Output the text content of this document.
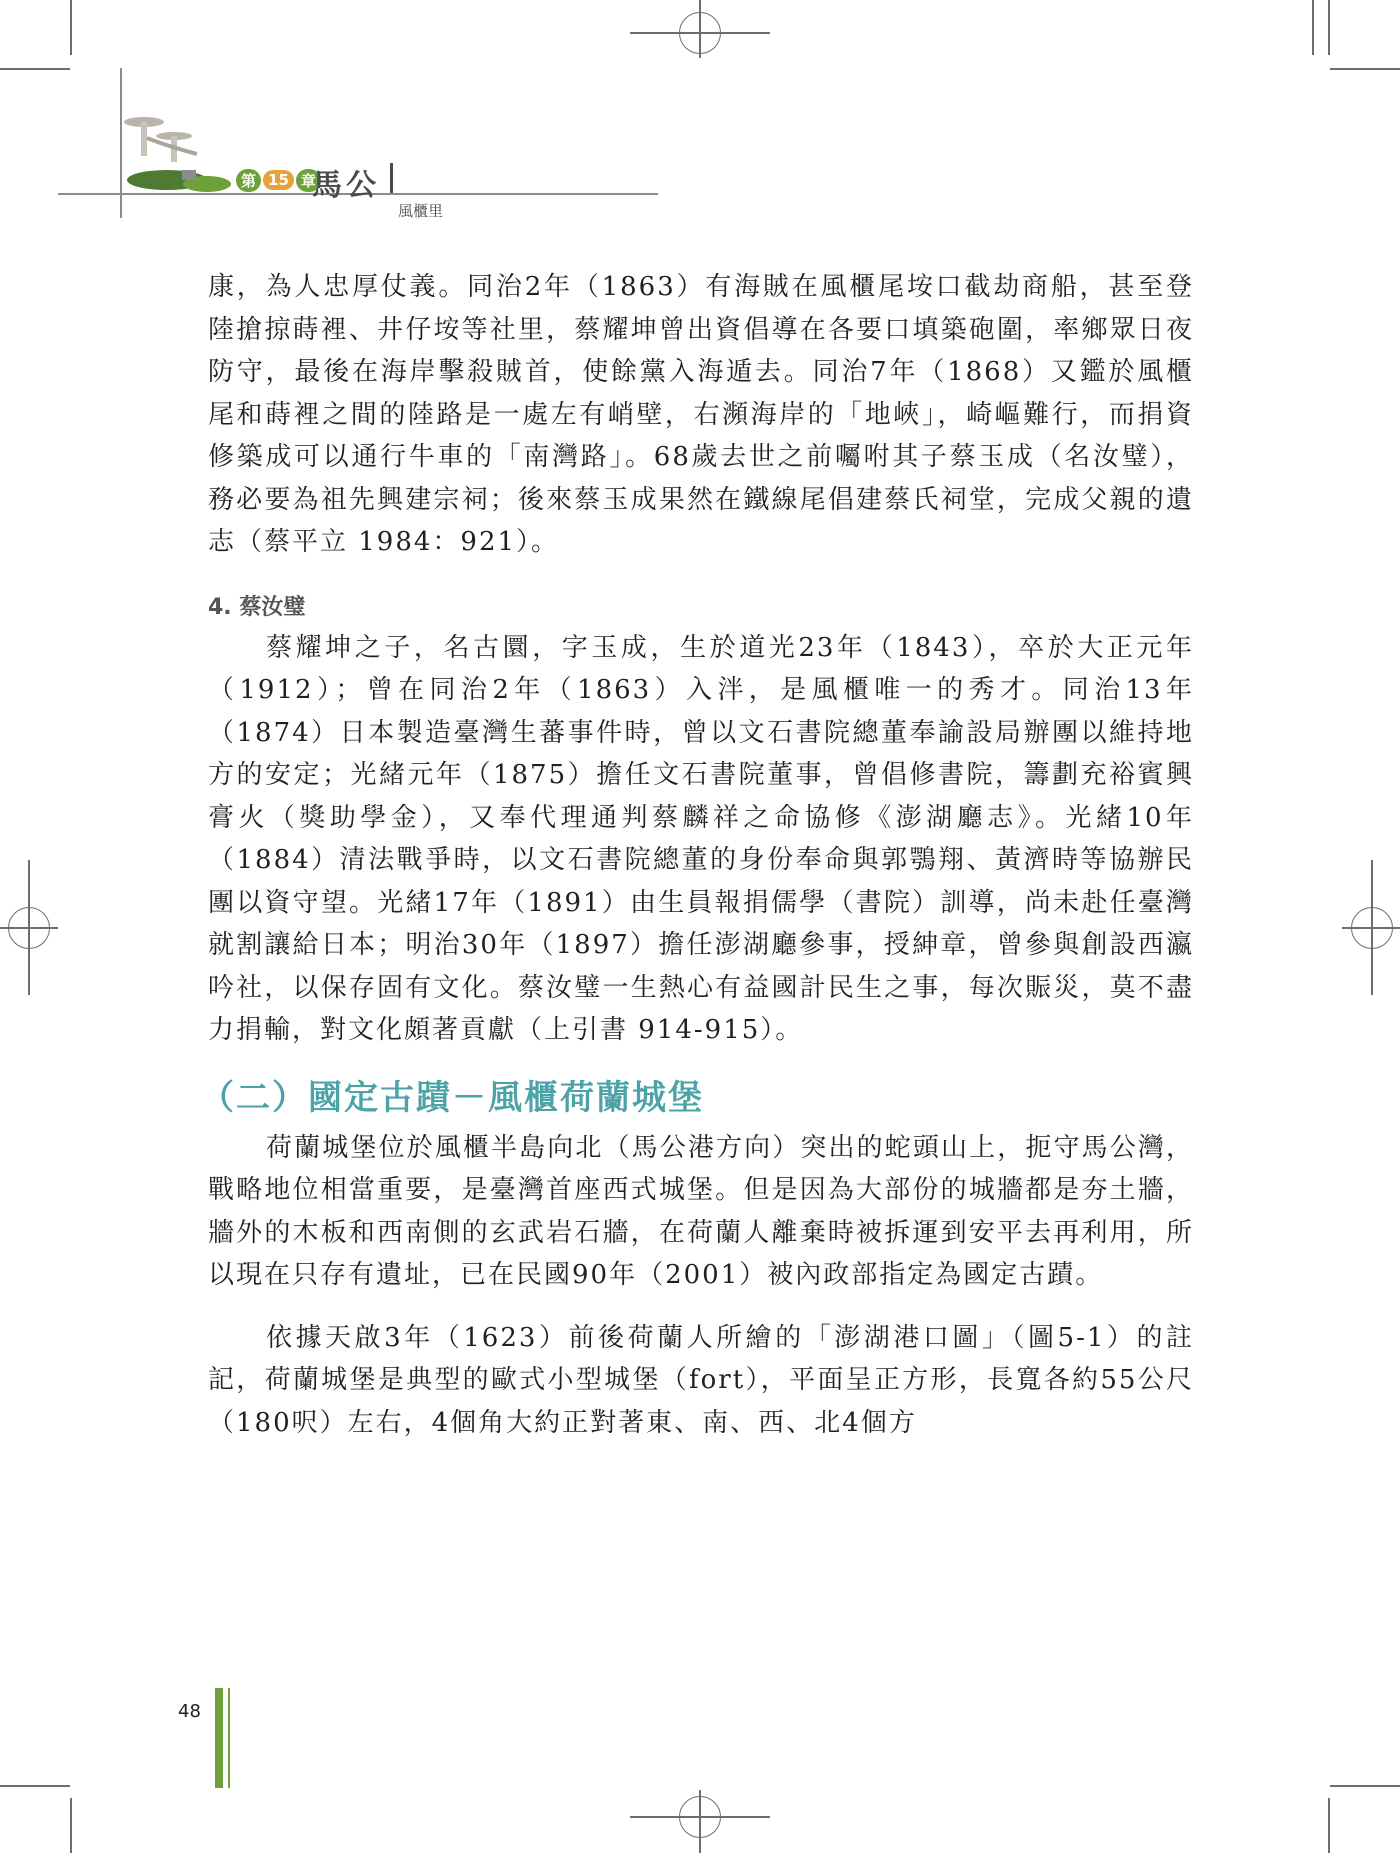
第 15 章
馬公
風櫃里

康，為人忠厚仗義。同治2年（1863）有海賊在風櫃尾垵口截劫商船，甚至登陸搶掠蒔裡、井仔垵等社里，蔡耀坤曾出資倡導在各要口填築砲圍，率鄉眾日夜防守，最後在海岸擊殺賊首，使餘黨入海遁去。同治7年（1868）又鑑於風櫃尾和蒔裡之間的陸路是一處左有峭壁，右瀕海岸的「地峽」，崎嶇難行，而捐資修築成可以通行牛車的「南灣路」。68歲去世之前囑咐其子蔡玉成（名汝璧），務必要為祖先興建宗祠；後來蔡玉成果然在鐵線尾倡建蔡氏祠堂，完成父親的遺志（蔡平立 1984：921）。

4. 蔡汝璧

蔡耀坤之子，名古圜，字玉成，生於道光23年（1843），卒於大正元年（1912）；曾在同治2年（1863）入泮，是風櫃唯一的秀才。同治13年（1874）日本製造臺灣生蕃事件時，曾以文石書院總董奉諭設局辦團以維持地方的安定；光緒元年（1875）擔任文石書院董事，曾倡修書院，籌劃充裕賓興膏火（獎助學金），又奉代理通判蔡麟祥之命協修《澎湖廳志》。光緒10年（1884）清法戰爭時，以文石書院總董的身份奉命與郭鶚翔、黃濟時等協辦民團以資守望。光緒17年（1891）由生員報捐儒學（書院）訓導，尚未赴任臺灣就割讓給日本；明治30年（1897）擔任澎湖廳參事，授紳章，曾參與創設西瀛吟社，以保存固有文化。蔡汝璧一生熱心有益國計民生之事，每次賑災，莫不盡力捐輸，對文化頗著貢獻（上引書 914-915）。

（二）國定古蹟－風櫃荷蘭城堡

荷蘭城堡位於風櫃半島向北（馬公港方向）突出的蛇頭山上，扼守馬公灣，戰略地位相當重要，是臺灣首座西式城堡。但是因為大部份的城牆都是夯土牆，牆外的木板和西南側的玄武岩石牆，在荷蘭人離棄時被拆運到安平去再利用，所以現在只存有遺址，已在民國90年（2001）被內政部指定為國定古蹟。

依據天啟3年（1623）前後荷蘭人所繪的「澎湖港口圖」（圖5-1）的註記，荷蘭城堡是典型的歐式小型城堡（fort），平面呈正方形，長寬各約55公尺（180呎）左右，4個角大約正對著東、南、西、北4個方

48
